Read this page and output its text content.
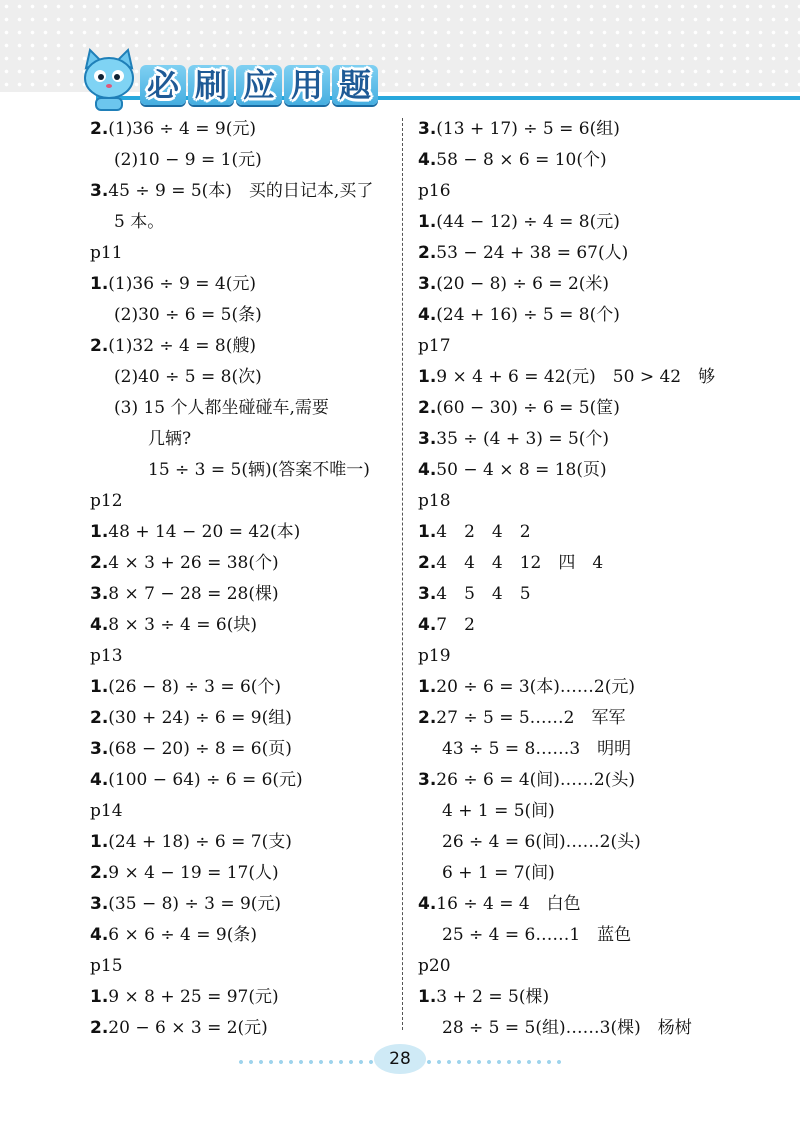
必 刷 应 用 题
2.(1)36 ÷ 4 = 9(元)
(2)10 − 9 = 1(元)
3.45 ÷ 9 = 5(本)　买的日记本,买了
5 本。
p11
1.(1)36 ÷ 9 = 4(元)
(2)30 ÷ 6 = 5(条)
2.(1)32 ÷ 4 = 8(艘)
(2)40 ÷ 5 = 8(次)
(3) 15 个人都坐碰碰车,需要
几辆?
15 ÷ 3 = 5(辆)(答案不唯一)
p12
1.48 + 14 − 20 = 42(本)
2.4 × 3 + 26 = 38(个)
3.8 × 7 − 28 = 28(棵)
4.8 × 3 ÷ 4 = 6(块)
p13
1.(26 − 8) ÷ 3 = 6(个)
2.(30 + 24) ÷ 6 = 9(组)
3.(68 − 20) ÷ 8 = 6(页)
4.(100 − 64) ÷ 6 = 6(元)
p14
1.(24 + 18) ÷ 6 = 7(支)
2.9 × 4 − 19 = 17(人)
3.(35 − 8) ÷ 3 = 9(元)
4.6 × 6 ÷ 4 = 9(条)
p15
1.9 × 8 + 25 = 97(元)
2.20 − 6 × 3 = 2(元)
3.(13 + 17) ÷ 5 = 6(组)
4.58 − 8 × 6 = 10(个)
p16
1.(44 − 12) ÷ 4 = 8(元)
2.53 − 24 + 38 = 67(人)
3.(20 − 8) ÷ 6 = 2(米)
4.(24 + 16) ÷ 5 = 8(个)
p17
1.9 × 4 + 6 = 42(元)　50 > 42　够
2.(60 − 30) ÷ 6 = 5(筐)
3.35 ÷ (4 + 3) = 5(个)
4.50 − 4 × 8 = 18(页)
p18
1.4　2　4　2
2.4　4　4　12　四　4
3.4　5　4　5
4.7　2
p19
1.20 ÷ 6 = 3(本)……2(元)
2.27 ÷ 5 = 5……2　军军
43 ÷ 5 = 8……3　明明
3.26 ÷ 6 = 4(间)……2(头)
4 + 1 = 5(间)
26 ÷ 4 = 6(间)……2(头)
6 + 1 = 7(间)
4.16 ÷ 4 = 4　白色
25 ÷ 4 = 6……1　蓝色
p20
1.3 + 2 = 5(棵)
28 ÷ 5 = 5(组)……3(棵)　杨树
28
